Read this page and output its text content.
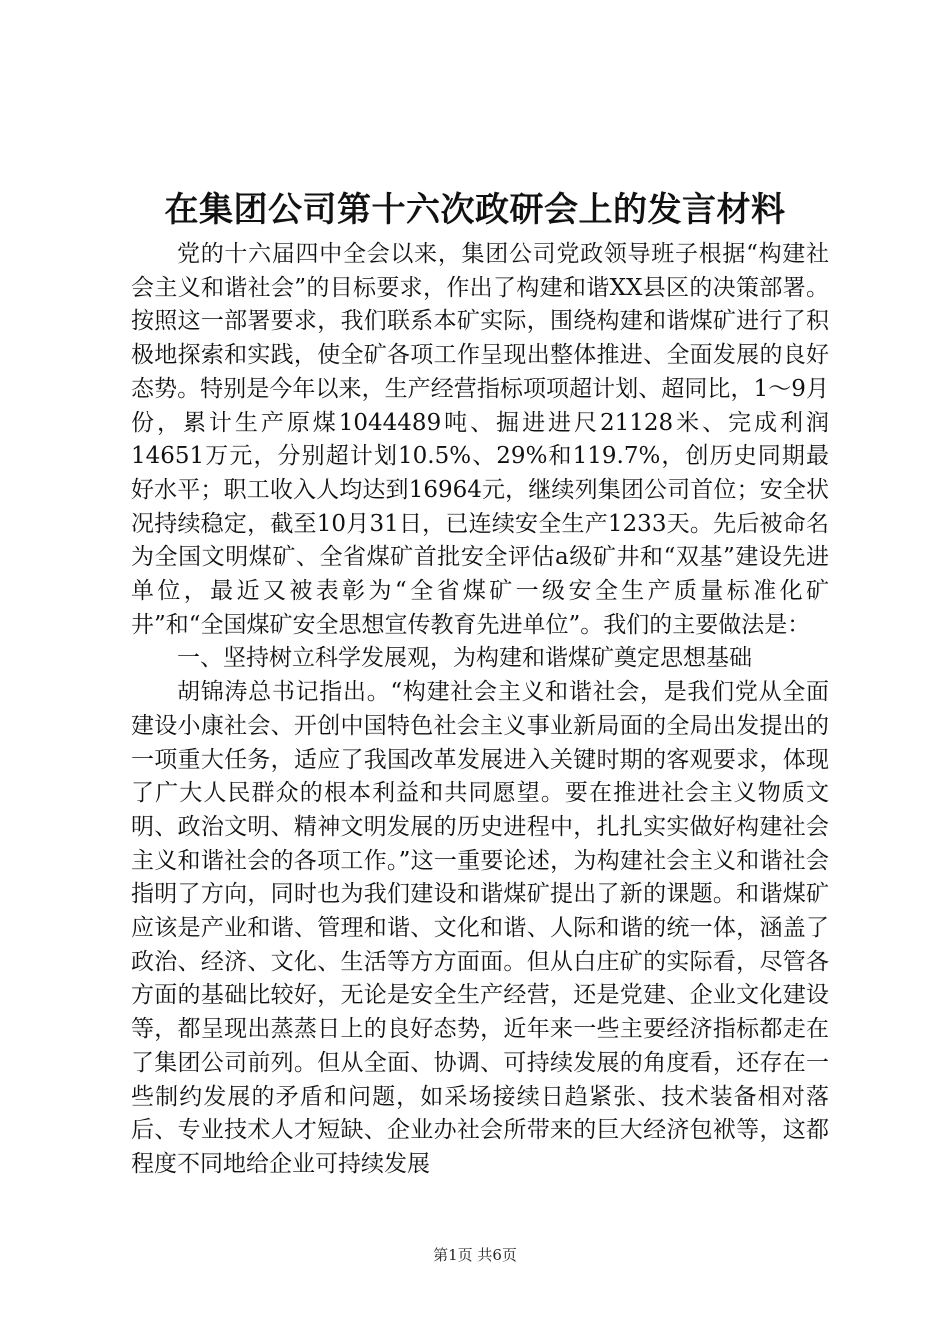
在集团公司第十六次政研会上的发言材料

党的十六届四中全会以来，集团公司党政领导班子根据“构建社会主义和谐社会”的目标要求，作出了构建和谐XX县区的决策部署。按照这一部署要求，我们联系本矿实际，围绕构建和谐煤矿进行了积极地探索和实践，使全矿各项工作呈现出整体推进、全面发展的良好态势。特别是今年以来，生产经营指标项项超计划、超同比，1～9月份，累计生产原煤1044489吨、掘进进尺21128米、完成利润14651万元，分别超计划10.5%、29%和119.7%，创历史同期最好水平；职工收入人均达到16964元，继续列集团公司首位；安全状况持续稳定，截至10月31日，已连续安全生产1233天。先后被命名为全国文明煤矿、全省煤矿首批安全评估a级矿井和“双基”建设先进单位，最近又被表彰为“全省煤矿一级安全生产质量标准化矿井”和“全国煤矿安全思想宣传教育先进单位”。我们的主要做法是：

一、坚持树立科学发展观，为构建和谐煤矿奠定思想基础

胡锦涛总书记指出。“构建社会主义和谐社会，是我们党从全面建设小康社会、开创中国特色社会主义事业新局面的全局出发提出的一项重大任务，适应了我国改革发展进入关键时期的客观要求，体现了广大人民群众的根本利益和共同愿望。要在推进社会主义物质文明、政治文明、精神文明发展的历史进程中，扎扎实实做好构建社会主义和谐社会的各项工作。”这一重要论述，为构建社会主义和谐社会指明了方向，同时也为我们建设和谐煤矿提出了新的课题。和谐煤矿应该是产业和谐、管理和谐、文化和谐、人际和谐的统一体，涵盖了政治、经济、文化、生活等方方面面。但从白庄矿的实际看，尽管各方面的基础比较好，无论是安全生产经营，还是党建、企业文化建设等，都呈现出蒸蒸日上的良好态势，近年来一些主要经济指标都走在了集团公司前列。但从全面、协调、可持续发展的角度看，还存在一些制约发展的矛盾和问题，如采场接续日趋紧张、技术装备相对落后、专业技术人才短缺、企业办社会所带来的巨大经济包袱等，这都程度不同地给企业可持续发展

第1页 共6页
